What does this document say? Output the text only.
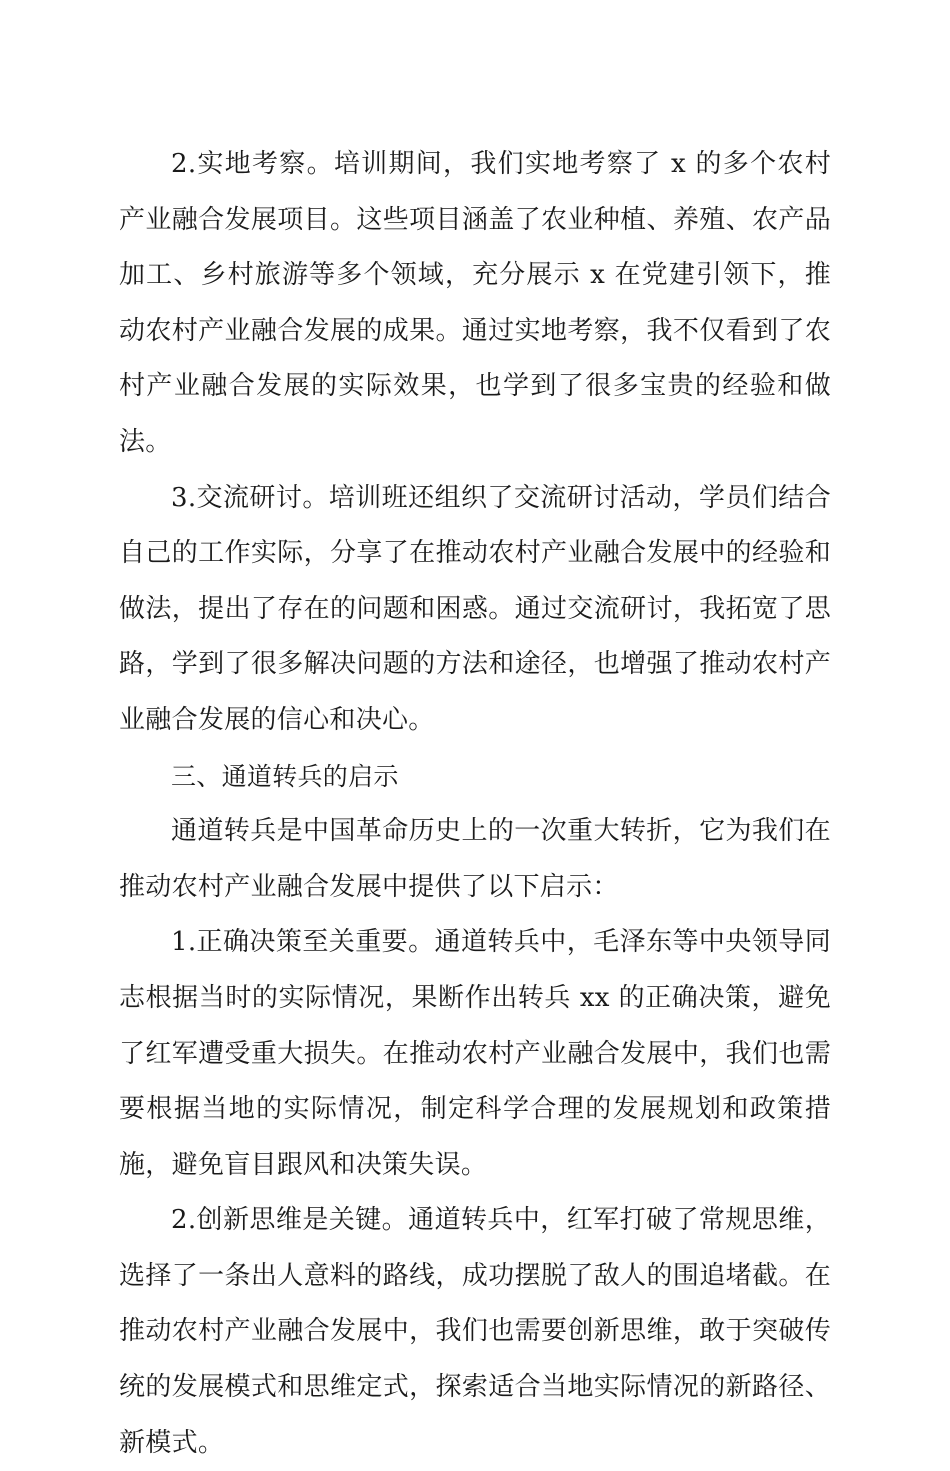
2.实地考察。培训期间，我们实地考察了 x 的多个农村产业融合发展项目。这些项目涵盖了农业种植、养殖、农产品加工、乡村旅游等多个领域，充分展示 x 在党建引领下，推动农村产业融合发展的成果。通过实地考察，我不仅看到了农村产业融合发展的实际效果，也学到了很多宝贵的经验和做法。

3.交流研讨。培训班还组织了交流研讨活动，学员们结合自己的工作实际，分享了在推动农村产业融合发展中的经验和做法，提出了存在的问题和困惑。通过交流研讨，我拓宽了思路，学到了很多解决问题的方法和途径，也增强了推动农村产业融合发展的信心和决心。

三、通道转兵的启示

通道转兵是中国革命历史上的一次重大转折，它为我们在推动农村产业融合发展中提供了以下启示：

1.正确决策至关重要。通道转兵中，毛泽东等中央领导同志根据当时的实际情况，果断作出转兵 xx 的正确决策，避免了红军遭受重大损失。在推动农村产业融合发展中，我们也需要根据当地的实际情况，制定科学合理的发展规划和政策措施，避免盲目跟风和决策失误。

2.创新思维是关键。通道转兵中，红军打破了常规思维，选择了一条出人意料的路线，成功摆脱了敌人的围追堵截。在推动农村产业融合发展中，我们也需要创新思维，敢于突破传统的发展模式和思维定式，探索适合当地实际情况的新路径、新模式。
